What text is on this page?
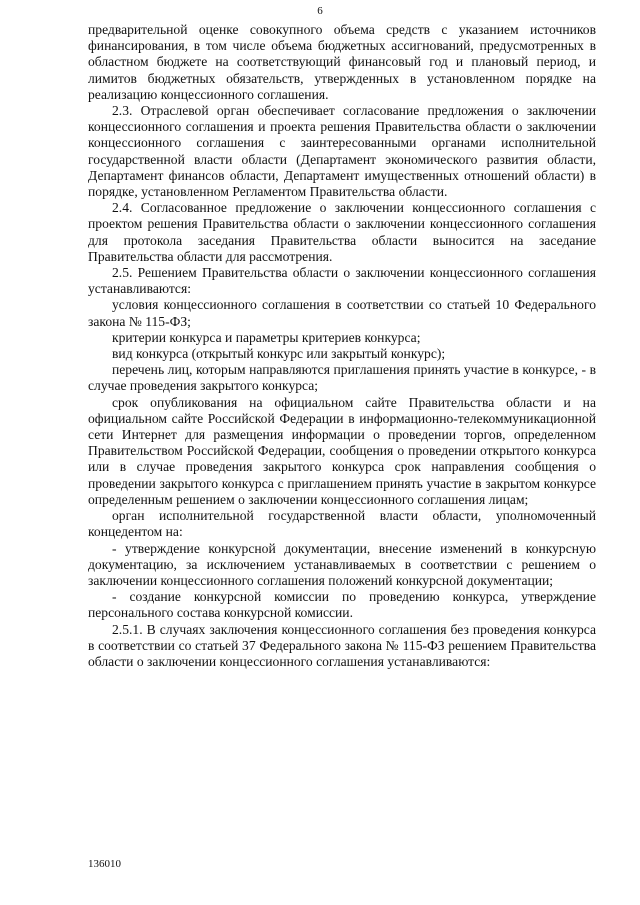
6

предварительной оценке совокупного объема средств с указанием источников финансирования, в том числе объема бюджетных ассигнований, предусмотренных в областном бюджете на соответствующий финансовый год и плановый период, и лимитов бюджетных обязательств, утвержденных в установленном порядке на реализацию концессионного соглашения.

2.3. Отраслевой орган обеспечивает согласование предложения о заключении концессионного соглашения и проекта решения Правительства области о заключении концессионного соглашения с заинтересованными органами исполнительной государственной власти области (Департамент экономического развития области, Департамент финансов области, Департамент имущественных отношений области) в порядке, установленном Регламентом Правительства области.

2.4. Согласованное предложение о заключении концессионного соглашения с проектом решения Правительства области о заключении концессионного соглашения для протокола заседания Правительства области выносится на заседание Правительства области для рассмотрения.

2.5. Решением Правительства области о заключении концессионного соглашения устанавливаются:

условия концессионного соглашения в соответствии со статьей 10 Федерального закона № 115-ФЗ;

критерии конкурса и параметры критериев конкурса;

вид конкурса (открытый конкурс или закрытый конкурс);

перечень лиц, которым направляются приглашения принять участие в конкурсе, - в случае проведения закрытого конкурса;

срок опубликования на официальном сайте Правительства области и на официальном сайте Российской Федерации в информационно-телекоммуникационной сети Интернет для размещения информации о проведении торгов, определенном Правительством Российской Федерации, сообщения о проведении открытого конкурса или в случае проведения закрытого конкурса срок направления сообщения о проведении закрытого конкурса с приглашением принять участие в закрытом конкурсе определенным решением о заключении концессионного соглашения лицам;

орган исполнительной государственной власти области, уполномоченный концедентом на:

- утверждение конкурсной документации, внесение изменений в конкурсную документацию, за исключением устанавливаемых в соответствии с решением о заключении концессионного соглашения положений конкурсной документации;

- создание конкурсной комиссии по проведению конкурса, утверждение персонального состава конкурсной комиссии.

2.5.1. В случаях заключения концессионного соглашения без проведения конкурса в соответствии со статьей 37 Федерального закона № 115-ФЗ решением Правительства области о заключении концессионного соглашения устанавливаются:

136010
